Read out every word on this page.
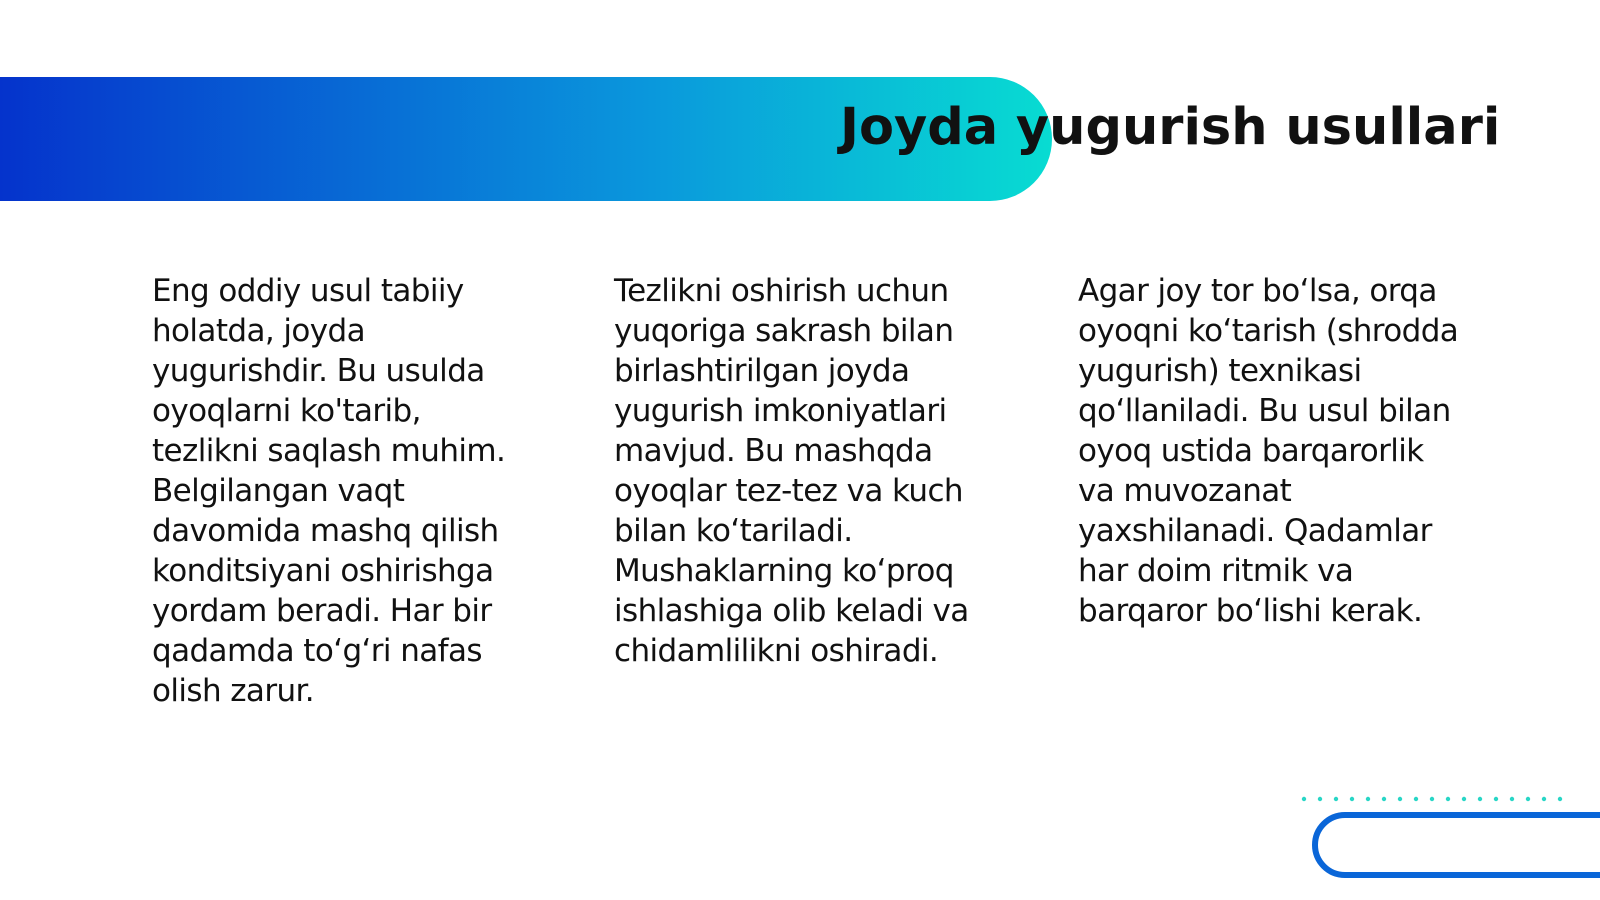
Joyda yugurish usullari

Eng oddiy usul tabiiy holatda, joyda yugurishdir. Bu usulda oyoqlarni ko'tarib, tezlikni saqlash muhim. Belgilangan vaqt davomida mashq qilish konditsiyani oshirishga yordam beradi. Har bir qadamda to‘g‘ri nafas olish zarur.

Tezlikni oshirish uchun yuqoriga sakrash bilan birlashtirilgan joyda yugurish imkoniyatlari mavjud. Bu mashqda oyoqlar tez-tez va kuch bilan ko‘tariladi. Mushaklarning ko‘proq ishlashiga olib keladi va chidamlilikni oshiradi.

Agar joy tor bo‘lsa, orqa oyoqni ko‘tarish (shrodda yugurish) texnikasi qo‘llaniladi. Bu usul bilan oyoq ustida barqarorlik va muvozanat yaxshilanadi. Qadamlar har doim ritmik va barqaror bo‘lishi kerak.
